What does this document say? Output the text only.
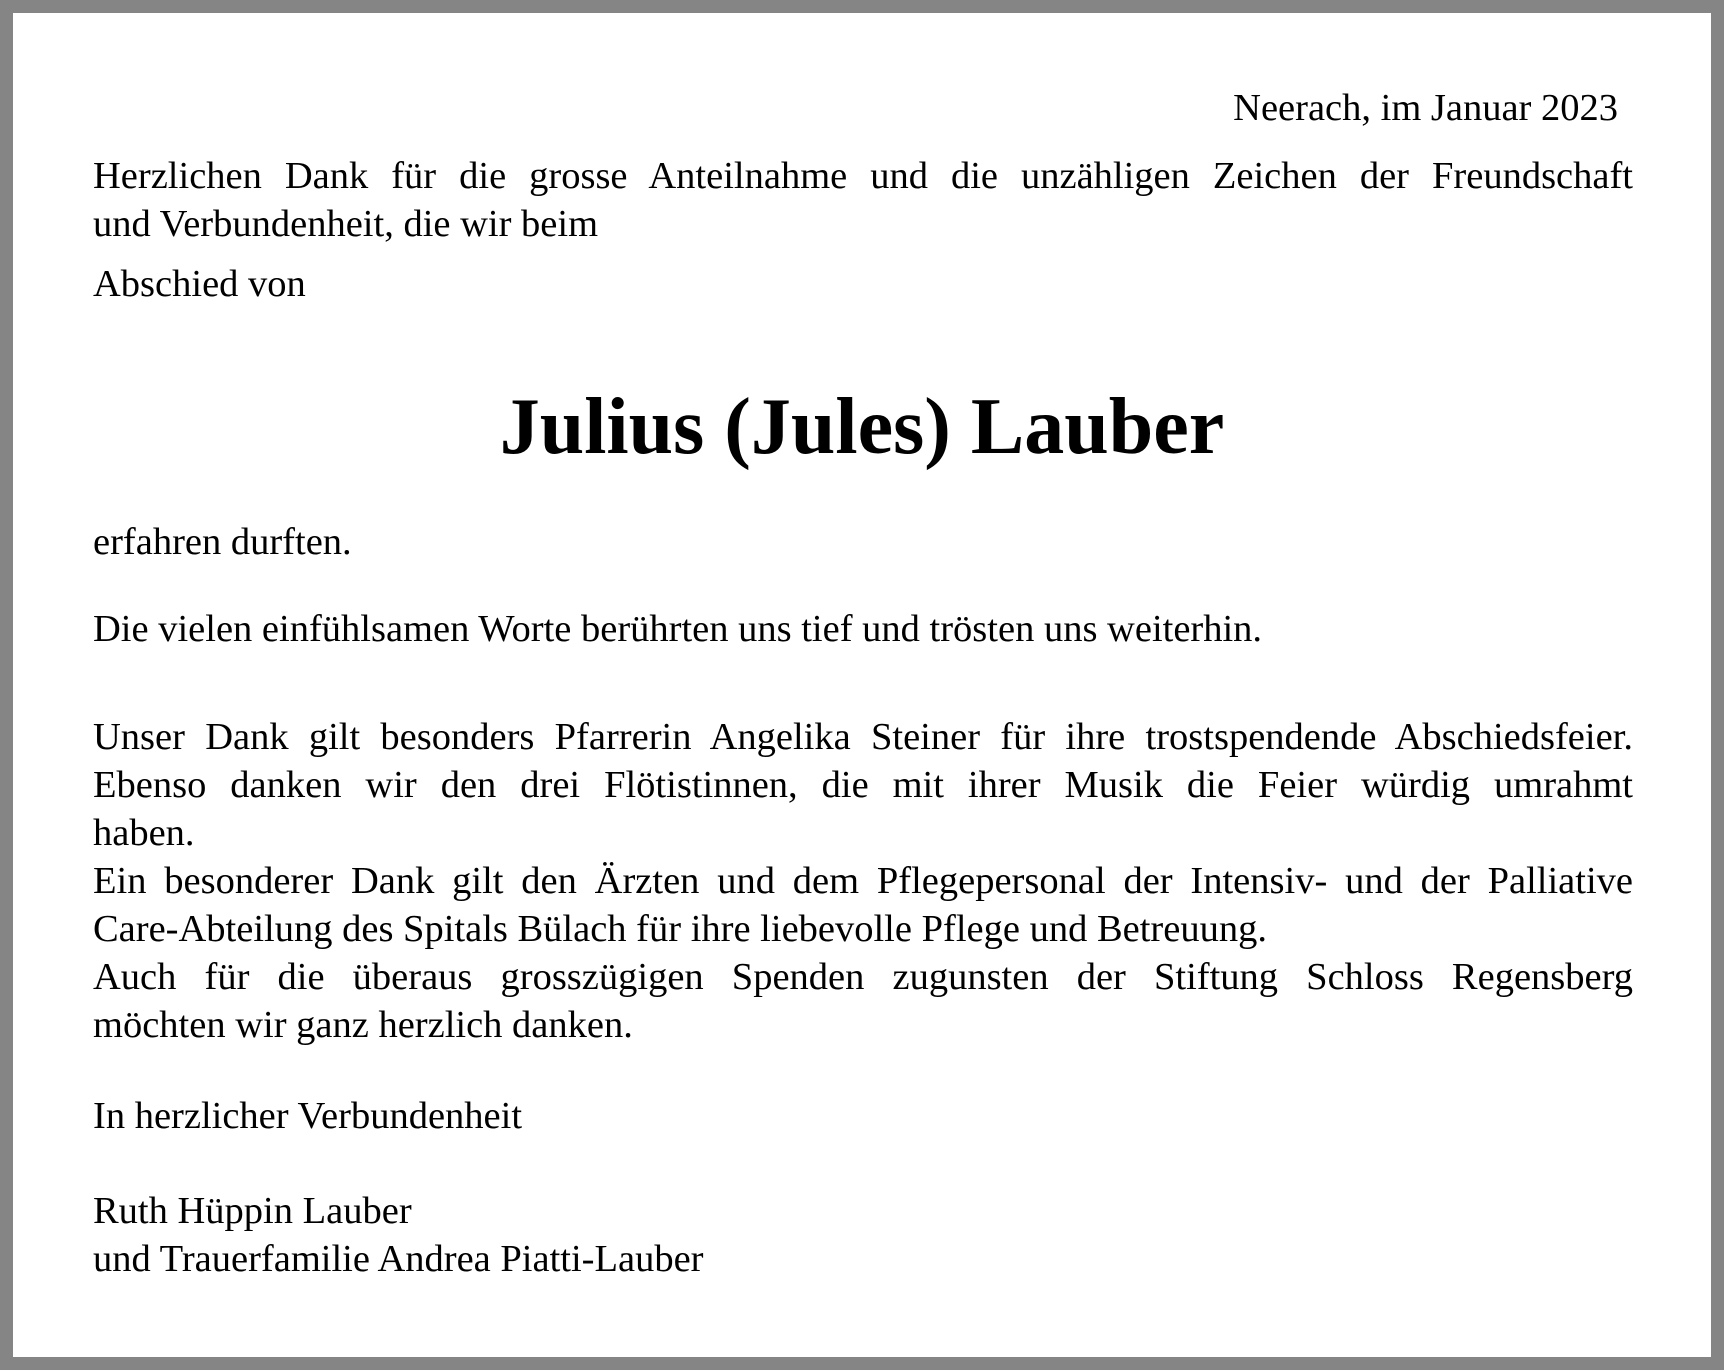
Neerach, im Januar 2023
Herzlichen Dank für die grosse Anteilnahme und die unzähligen Zeichen der Freundschaft
und Verbundenheit, die wir beim
Abschied von
Julius (Jules) Lauber
erfahren durften.
Die vielen einfühlsamen Worte berührten uns tief und trösten uns weiterhin.
Unser Dank gilt besonders Pfarrerin Angelika Steiner für ihre trostspendende Abschiedsfeier.
Ebenso danken wir den drei Flötistinnen, die mit ihrer Musik die Feier würdig umrahmt
haben.
Ein besonderer Dank gilt den Ärzten und dem Pflegepersonal der Intensiv- und der Palliative
Care-Abteilung des Spitals Bülach für ihre liebevolle Pflege und Betreuung.
Auch für die überaus grosszügigen Spenden zugunsten der Stiftung Schloss Regensberg
möchten wir ganz herzlich danken.
In herzlicher Verbundenheit
Ruth Hüppin Lauber
und Trauerfamilie Andrea Piatti-Lauber
